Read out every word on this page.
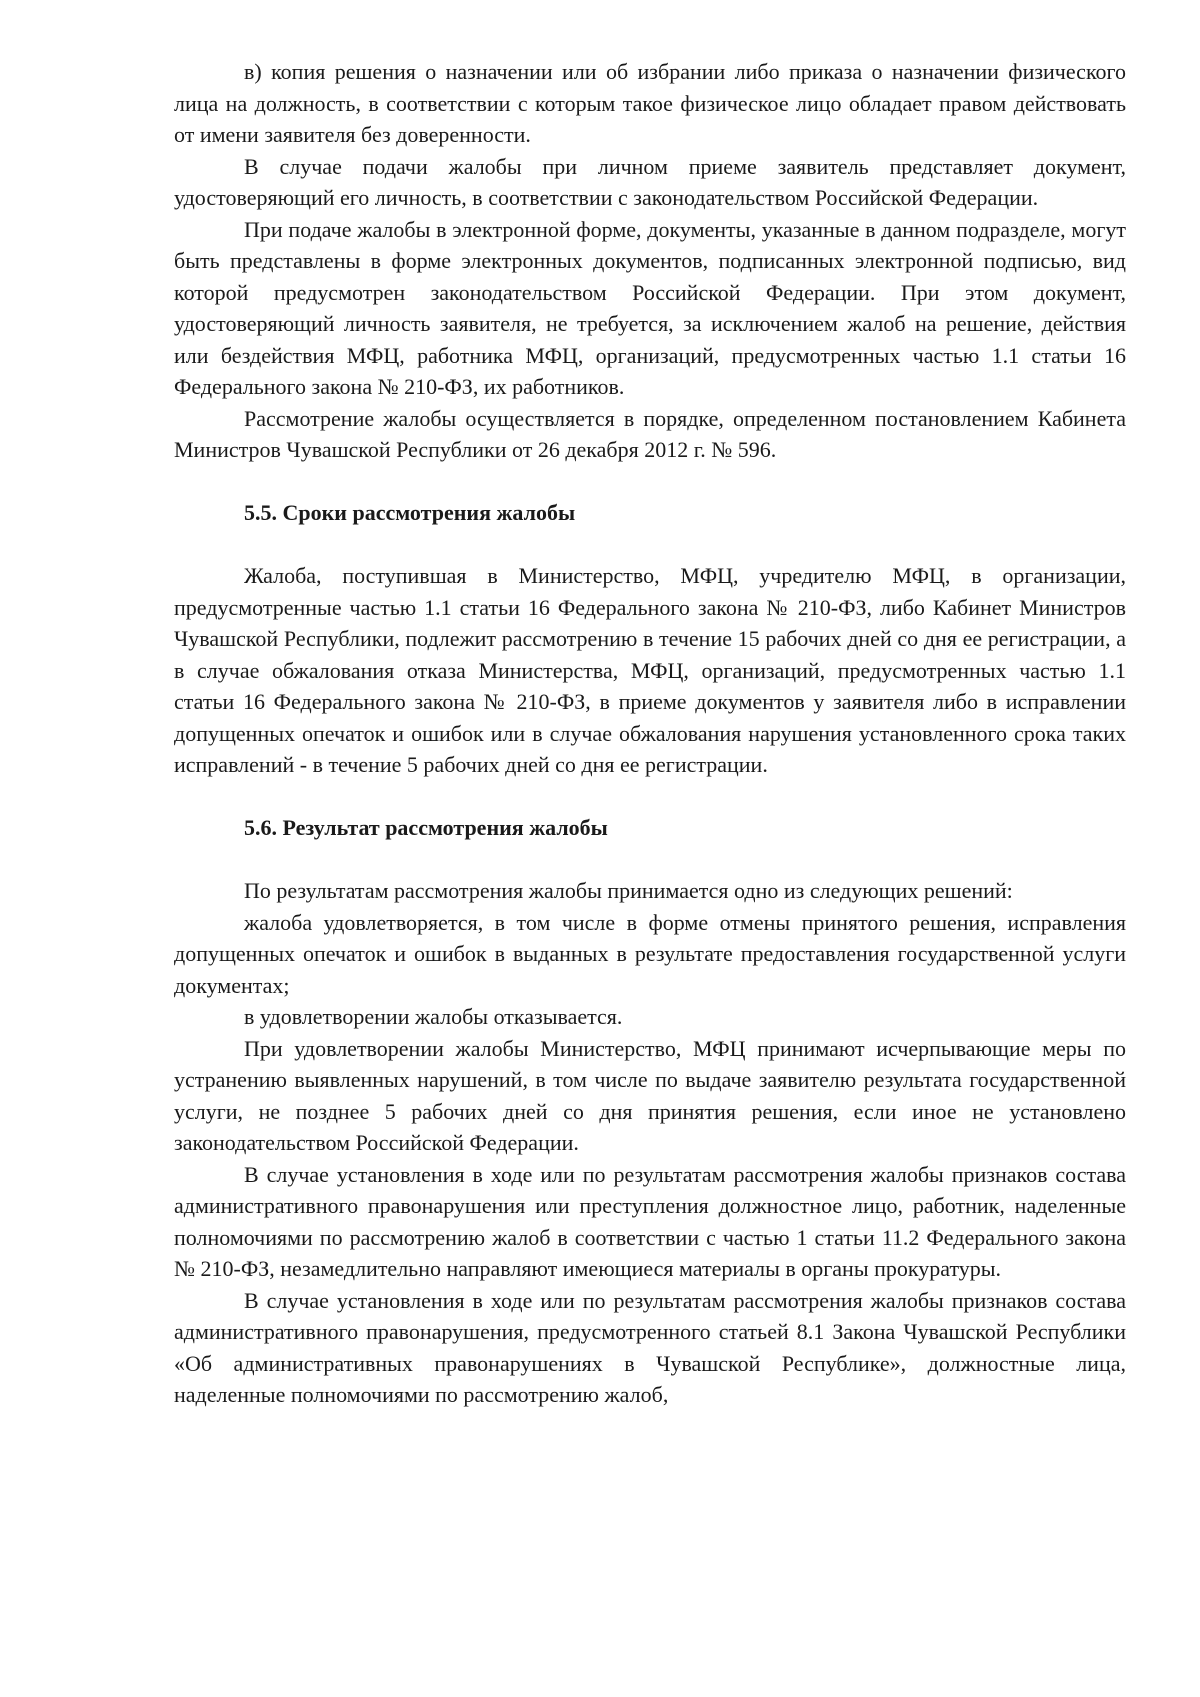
в) копия решения о назначении или об избрании либо приказа о назначении физического лица на должность, в соответствии с которым такое физическое лицо обладает правом действовать от имени заявителя без доверенности.

В случае подачи жалобы при личном приеме заявитель представляет документ, удостоверяющий его личность, в соответствии с законодательством Российской Федерации.

При подаче жалобы в электронной форме, документы, указанные в данном подразделе, могут быть представлены в форме электронных документов, подписанных электронной подписью, вид которой предусмотрен законодательством Российской Федерации. При этом документ, удостоверяющий личность заявителя, не требуется, за исключением жалоб на решение, действия или бездействия МФЦ, работника МФЦ, организаций, предусмотренных частью 1.1 статьи 16 Федерального закона № 210-ФЗ, их работников.

Рассмотрение жалобы осуществляется в порядке, определенном постановлением Кабинета Министров Чувашской Республики от 26 декабря 2012 г. № 596.

5.5. Сроки рассмотрения жалобы

Жалоба, поступившая в Министерство, МФЦ, учредителю МФЦ, в организации, предусмотренные частью 1.1 статьи 16 Федерального закона № 210-ФЗ, либо Кабинет Министров Чувашской Республики, подлежит рассмотрению в течение 15 рабочих дней со дня ее регистрации, а в случае обжалования отказа Министерства, МФЦ, организаций, предусмотренных частью 1.1 статьи 16 Федерального закона № 210-ФЗ, в приеме документов у заявителя либо в исправлении допущенных опечаток и ошибок или в случае обжалования нарушения установленного срока таких исправлений - в течение 5 рабочих дней со дня ее регистрации.

5.6. Результат рассмотрения жалобы

По результатам рассмотрения жалобы принимается одно из следующих решений:

жалоба удовлетворяется, в том числе в форме отмены принятого решения, исправления допущенных опечаток и ошибок в выданных в результате предоставления государственной услуги документах;

в удовлетворении жалобы отказывается.

При удовлетворении жалобы Министерство, МФЦ принимают исчерпывающие меры по устранению выявленных нарушений, в том числе по выдаче заявителю результата государственной услуги, не позднее 5 рабочих дней со дня принятия решения, если иное не установлено законодательством Российской Федерации.

В случае установления в ходе или по результатам рассмотрения жалобы признаков состава административного правонарушения или преступления должностное лицо, работник, наделенные полномочиями по рассмотрению жалоб в соответствии с частью 1 статьи 11.2 Федерального закона № 210-ФЗ, незамедлительно направляют имеющиеся материалы в органы прокуратуры.

В случае установления в ходе или по результатам рассмотрения жалобы признаков состава административного правонарушения, предусмотренного статьей 8.1 Закона Чувашской Республики «Об административных правонарушениях в Чувашской Республике», должностные лица, наделенные полномочиями по рассмотрению жалоб,
